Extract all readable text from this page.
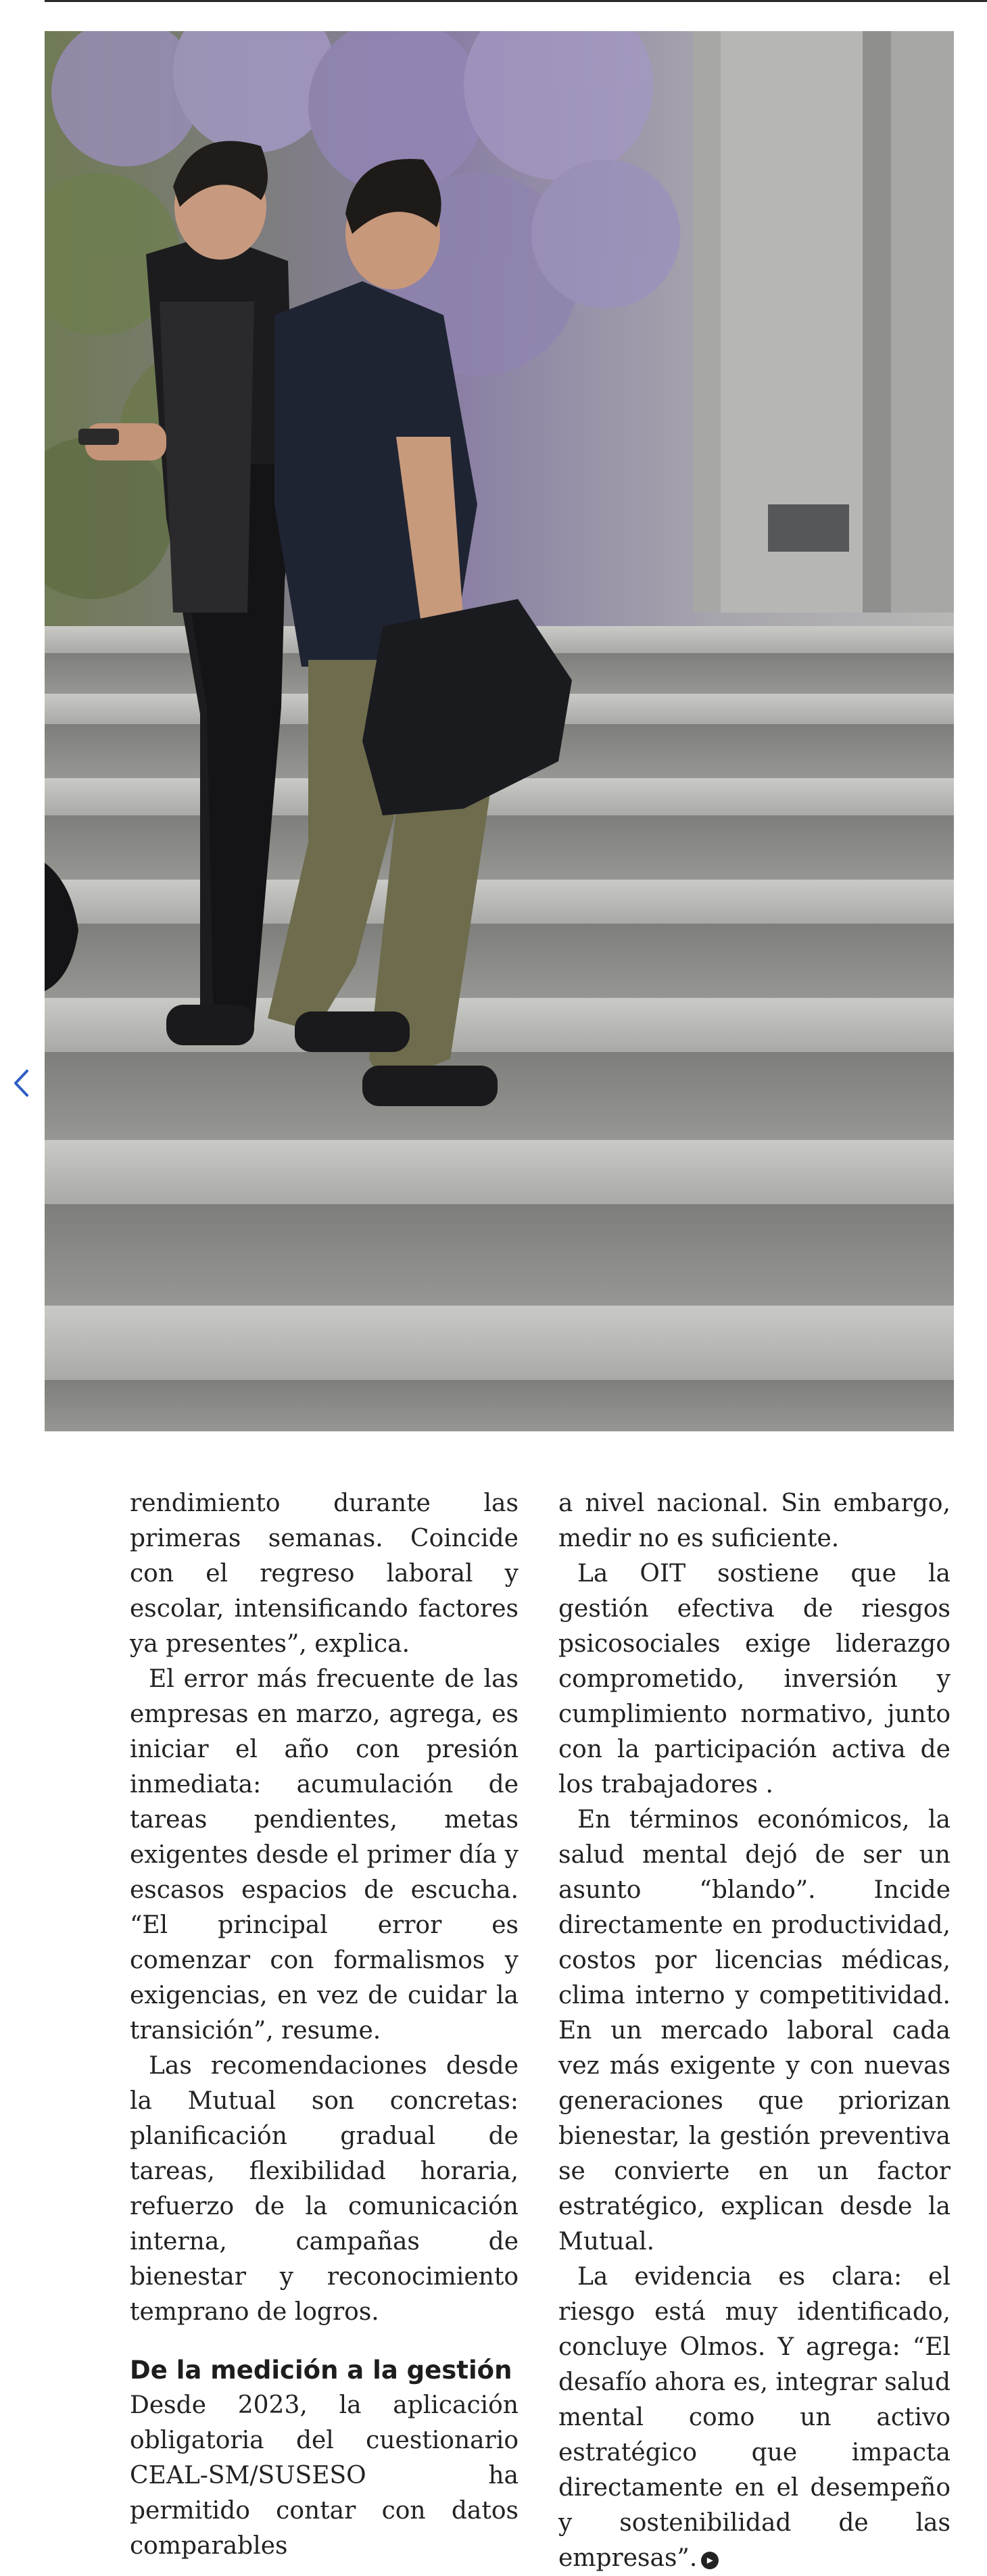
rendimiento durante las primeras semanas. Coincide con el regreso laboral y escolar, intensificando factores ya presentes”, explica.

El error más frecuente de las empresas en marzo, agrega, es iniciar el año con presión inmediata: acumulación de tareas pendientes, metas exigentes desde el primer día y escasos espacios de escucha. “El principal error es comenzar con formalismos y exigencias, en vez de cuidar la transición”, resume.

Las recomendaciones desde la Mutual son concretas: planificación gradual de tareas, flexibilidad horaria, refuerzo de la comunicación interna, campañas de bienestar y reconocimiento temprano de logros.

De la medición a la gestión

Desde 2023, la aplicación obligatoria del cuestionario CEAL-SM/SUSESO ha permitido contar con datos comparables

a nivel nacional. Sin embargo, medir no es suficiente.

La OIT sostiene que la gestión efectiva de riesgos psicosociales exige liderazgo comprometido, inversión y cumplimiento normativo, junto con la participación activa de los trabajadores .

En términos económicos, la salud mental dejó de ser un asunto “blando”. Incide directamente en productividad, costos por licencias médicas, clima interno y competitividad. En un mercado laboral cada vez más exigente y con nuevas generaciones que priorizan bienestar, la gestión preventiva se convierte en un factor estratégico, explican desde la Mutual.

La evidencia es clara: el riesgo está muy identificado, concluye Olmos. Y agrega: “El desafío ahora es, integrar salud mental como un activo estratégico que impacta directamente en el desempeño y sostenibilidad de las empresas”. ▸
